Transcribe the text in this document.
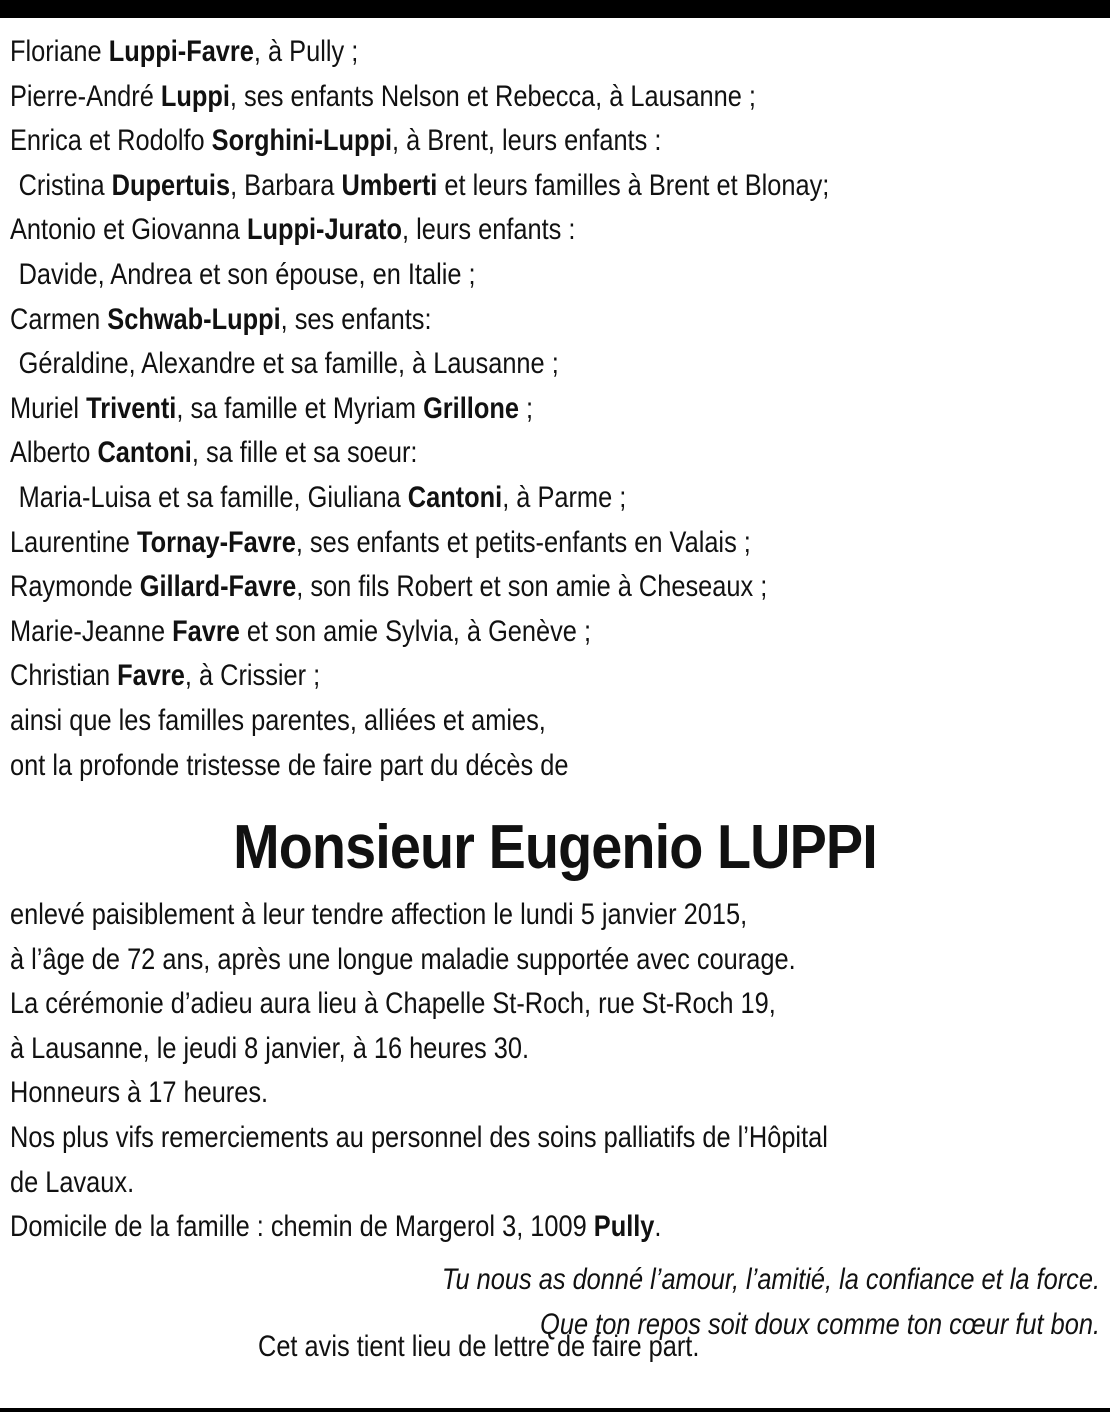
Floriane Luppi-Favre, à Pully ;
Pierre-André Luppi, ses enfants Nelson et Rebecca, à Lausanne ;
Enrica et Rodolfo Sorghini-Luppi, à Brent, leurs enfants :
Cristina Dupertuis, Barbara Umberti et leurs familles à Brent et Blonay;
Antonio et Giovanna Luppi-Jurato, leurs enfants :
Davide, Andrea et son épouse, en Italie ;
Carmen Schwab-Luppi, ses enfants:
Géraldine, Alexandre et sa famille, à Lausanne ;
Muriel Triventi, sa famille et Myriam Grillone ;
Alberto Cantoni, sa fille et sa soeur:
Maria-Luisa et sa famille, Giuliana Cantoni, à Parme ;
Laurentine Tornay-Favre, ses enfants et petits-enfants en Valais ;
Raymonde Gillard-Favre, son fils Robert et son amie à Cheseaux ;
Marie-Jeanne Favre et son amie Sylvia, à Genève ;
Christian Favre, à Crissier ;
ainsi que les familles parentes, alliées et amies,
ont la profonde tristesse de faire part du décès de
Monsieur Eugenio LUPPI
enlevé paisiblement à leur tendre affection le lundi 5 janvier 2015,
à l’âge de 72 ans, après une longue maladie supportée avec courage.
La cérémonie d’adieu aura lieu à Chapelle St-Roch, rue St-Roch 19,
à Lausanne, le jeudi 8 janvier, à 16 heures 30.
Honneurs à 17 heures.
Nos plus vifs remerciements au personnel des soins palliatifs de l’Hôpital
de Lavaux.
Domicile de la famille : chemin de Margerol 3, 1009 Pully.
Tu nous as donné l’amour, l’amitié, la confiance et la force.
Que ton repos soit doux comme ton cœur fut bon.
Cet avis tient lieu de lettre de faire part.
